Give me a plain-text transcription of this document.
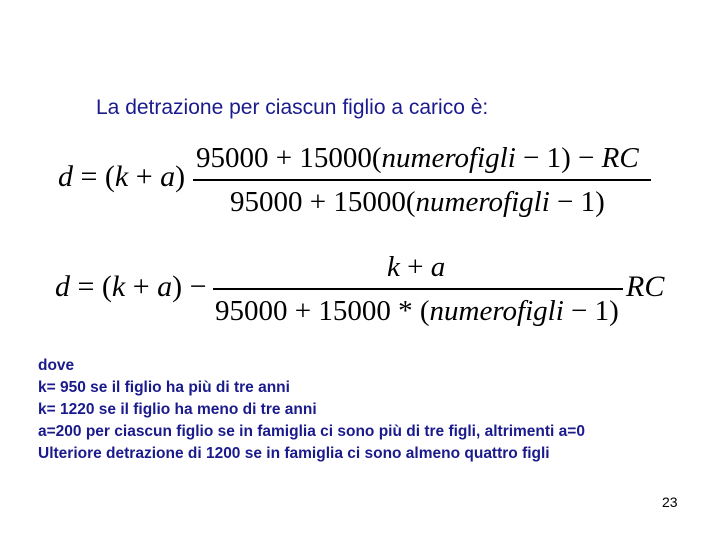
La detrazione per ciascun figlio a carico è:
d = (k + a)
95000 + 15000(numerofigli − 1) − RC
95000 + 15000(numerofigli − 1)
d = (k + a) −
k + a
95000 + 15000 * (numerofigli − 1)
RC
dove
k= 950 se il figlio ha più di tre anni
k= 1220 se il figlio ha meno di tre anni
a=200 per ciascun figlio se in famiglia ci sono più di tre figli, altrimenti a=0
Ulteriore detrazione di 1200 se in famiglia ci sono almeno quattro figli
23
